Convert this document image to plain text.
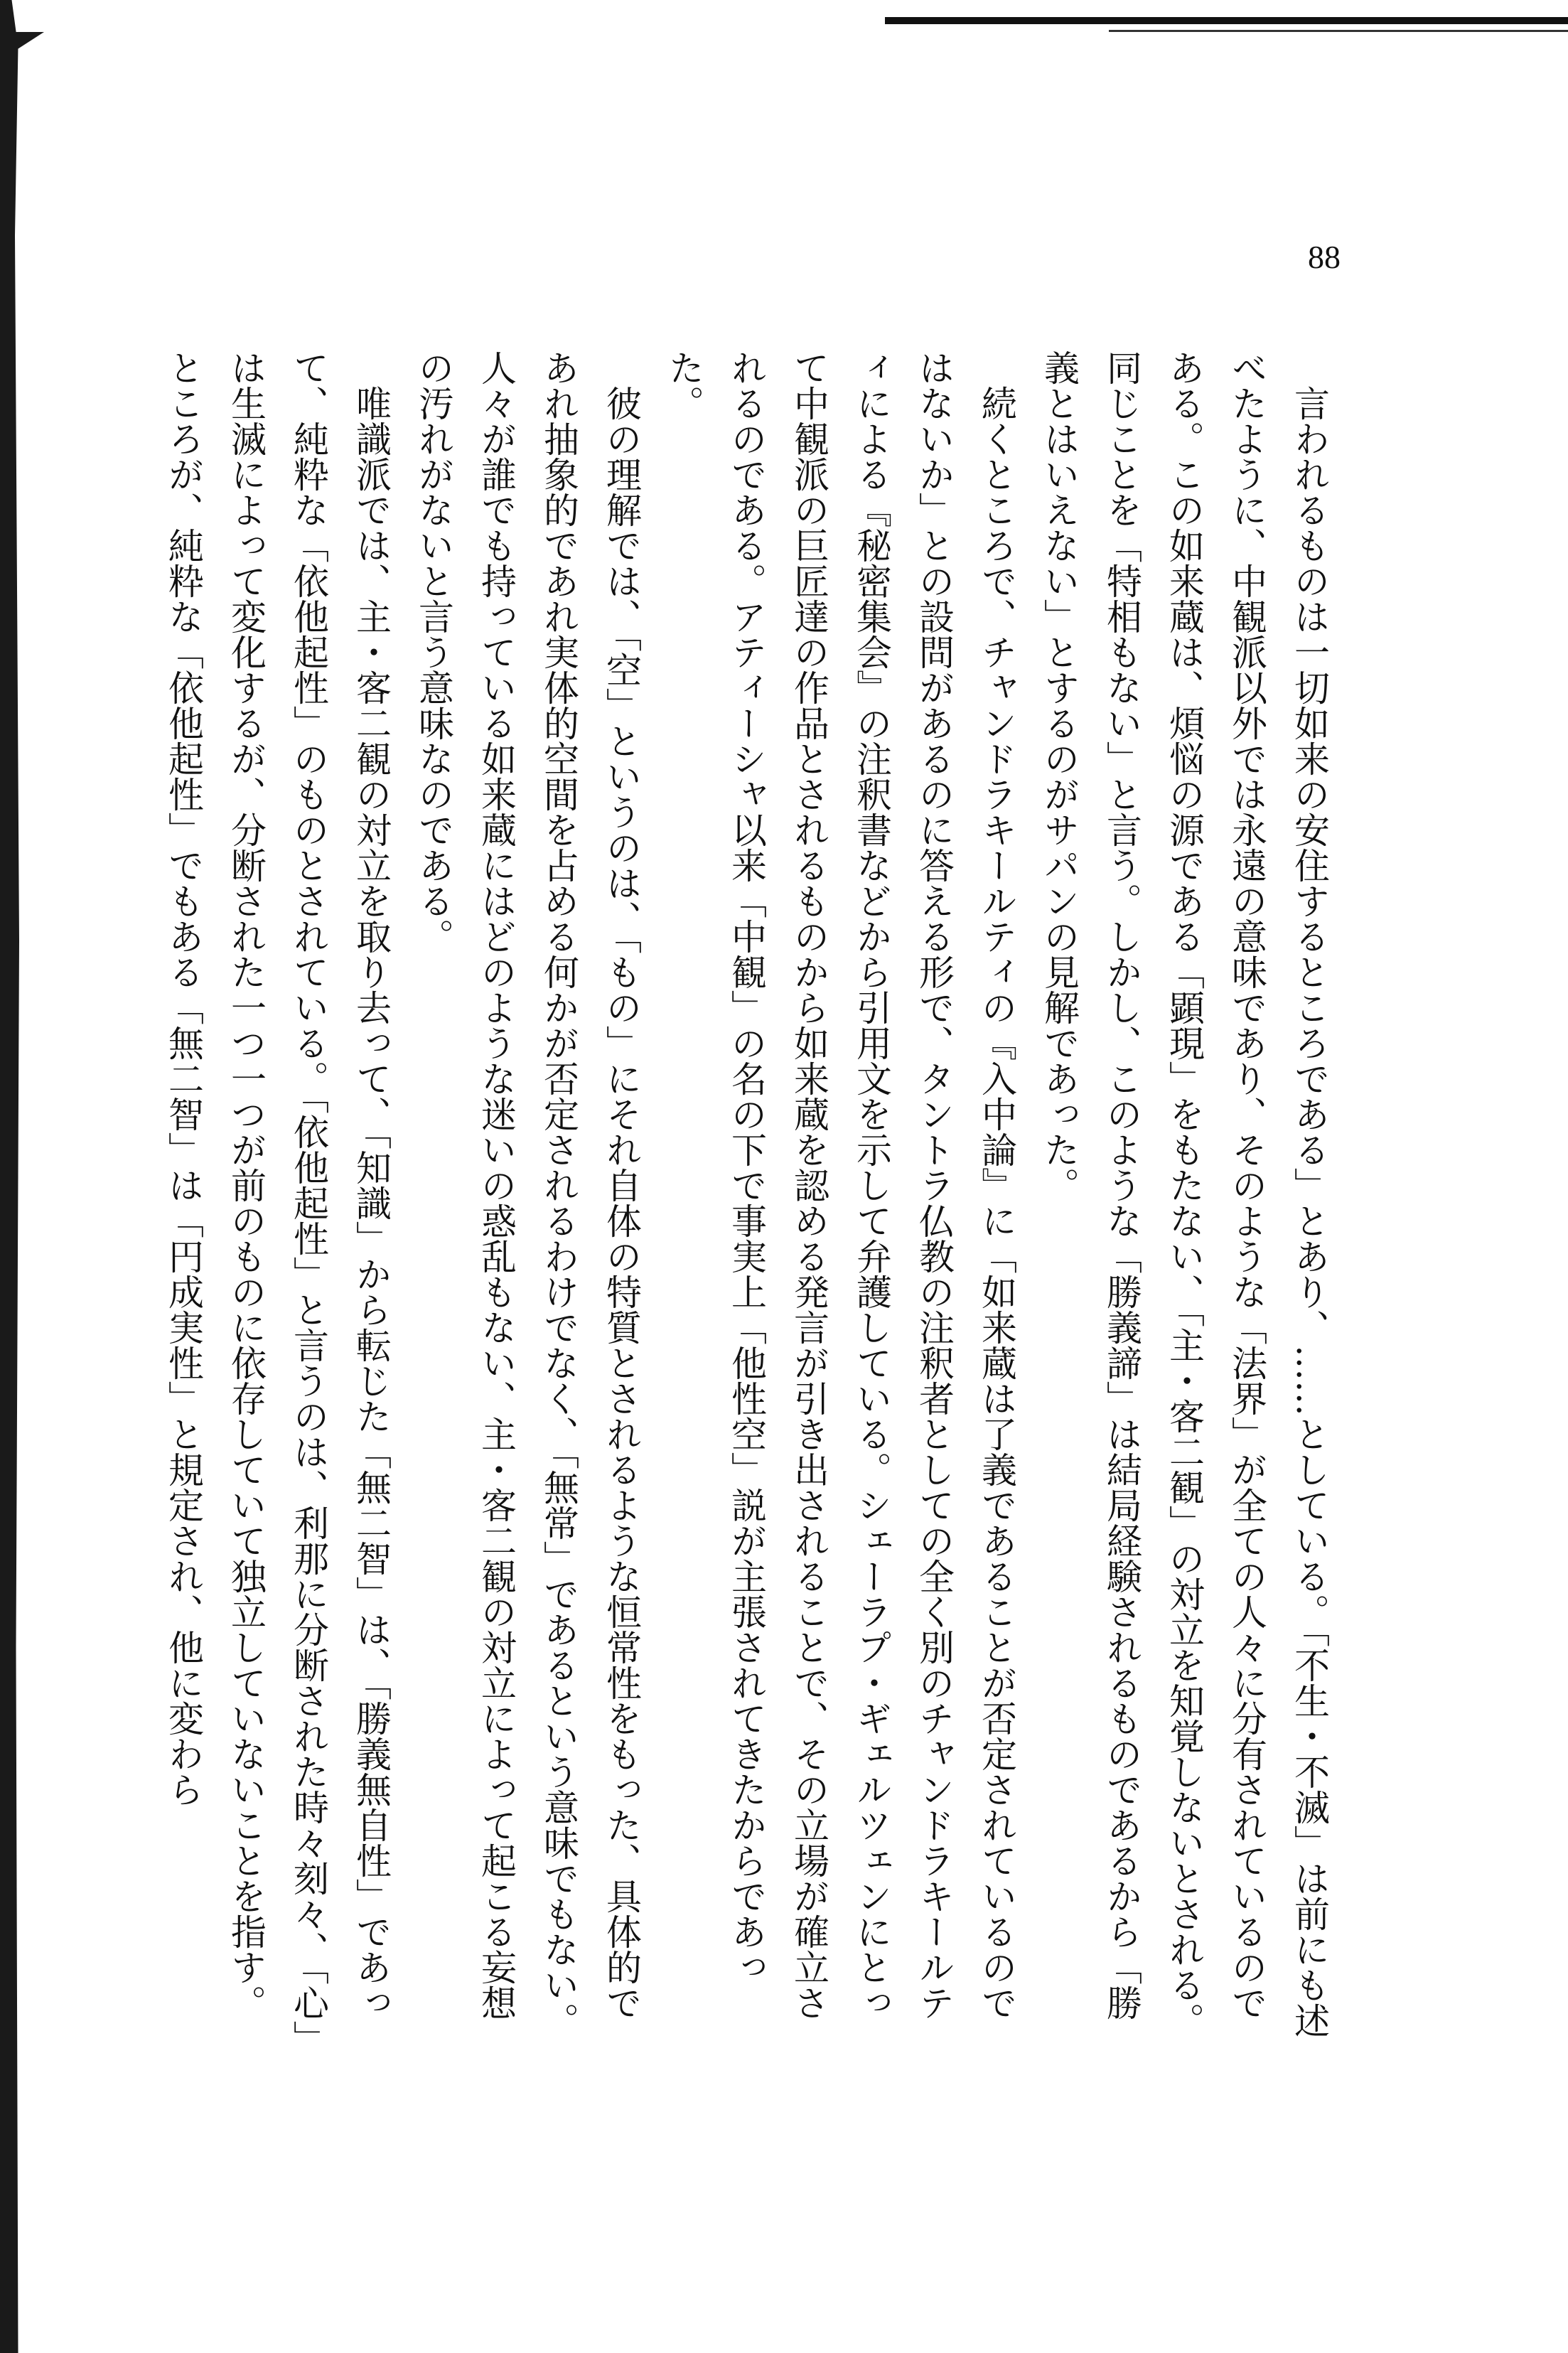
88

言われるものは一切如来の安住するところである」とあり、……としている。「不生・不滅」は前にも述べたように、中観派以外では永遠の意味であり、そのような「法界」が全ての人々に分有されているのである。この如来蔵は、煩悩の源である「顕現」をもたない、「主・客二観」の対立を知覚しないとされる。同じことを「特相もない」と言う。しかし、このような「勝義諦」は結局経験されるものであるから「勝義とはいえない」とするのがサパンの見解であった。

続くところで、チャンドラキールティの『入中論』に「如来蔵は了義であることが否定されているのではないか」との設問があるのに答える形で、タントラ仏教の注釈者としての全く別のチャンドラキールティによる『秘密集会』の注釈書などから引用文を示して弁護している。シェーラプ・ギェルツェンにとって中観派の巨匠達の作品とされるものから如来蔵を認める発言が引き出されることで、その立場が確立されるのである。アティーシャ以来「中観」の名の下で事実上「他性空」説が主張されてきたからであった。

彼の理解では、「空」というのは、「もの」にそれ自体の特質とされるような恒常性をもった、具体的であれ抽象的であれ実体的空間を占める何かが否定されるわけでなく、「無常」であるという意味でもない。人々が誰でも持っている如来蔵にはどのような迷いの惑乱もない、主・客二観の対立によって起こる妄想の汚れがないと言う意味なのである。

唯識派では、主・客二観の対立を取り去って、「知識」から転じた「無二智」は、「勝義無自性」であって、純粋な「依他起性」のものとされている。「依他起性」と言うのは、利那に分断された時々刻々、「心」は生滅によって変化するが、分断された一つ一つが前のものに依存していて独立していないことを指す。ところが、純粋な「依他起性」でもある「無二智」は「円成実性」と規定され、他に変わら
